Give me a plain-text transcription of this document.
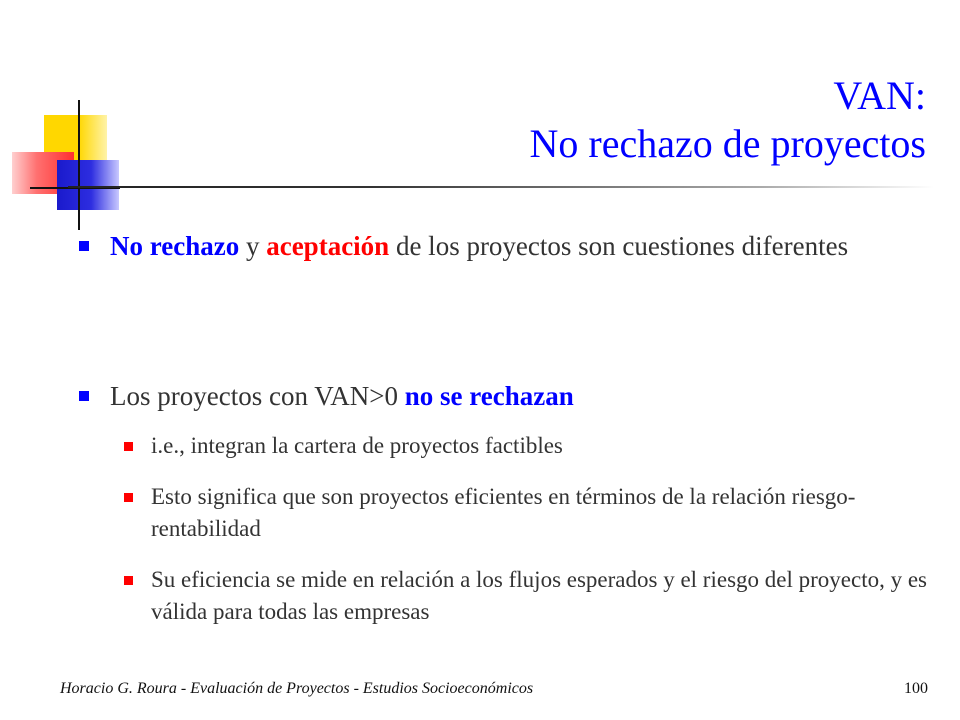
VAN:
No rechazo de proyectos
No rechazo y aceptación de los proyectos son cuestiones diferentes
Los proyectos con VAN>0 no se rechazan
i.e., integran la cartera de proyectos factibles
Esto significa que son proyectos eficientes en términos de la relación riesgo-rentabilidad
Su eficiencia se mide en relación a los flujos esperados y el riesgo del proyecto, y es válida para todas las empresas
Horacio G. Roura - Evaluación de Proyectos - Estudios Socioeconómicos	100
